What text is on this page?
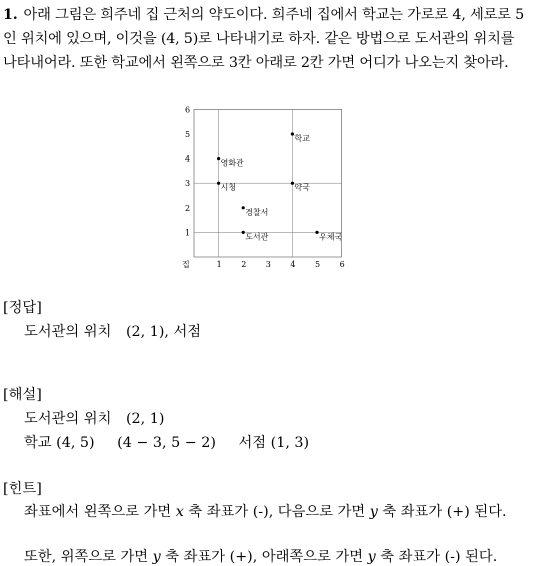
1. 아래 그림은 희주네 집 근처의 약도이다. 희주네 집에서 학교는 가로로 4, 세로로 5인 위치에 있으며, 이것을 (4, 5)로 나타내기로 하자. 같은 방법으로 도서관의 위치를 나타내어라. 또한 학교에서 왼쪽으로 3칸 아래로 2칸 가면 어디가 나오는지 찾아라.
1 2 3 4 5 6
1
2
3
4
5
6
집
학교
영화관
시청	약국
경찰서
도서관	우체국
[정답]
도서관의 위치 (2, 1), 서점
[해설]
도서관의 위치 (2, 1)
학교 (4, 5) (4 − 3, 5 − 2) 서점 (1, 3)
[힌트]
좌표에서 왼쪽으로 가면 x 축 좌표가 (-), 다음으로 가면 y 축 좌표가 (+) 된다.
또한, 위쪽으로 가면 y 축 좌표가 (+), 아래쪽으로 가면 y 축 좌표가 (-) 된다.
